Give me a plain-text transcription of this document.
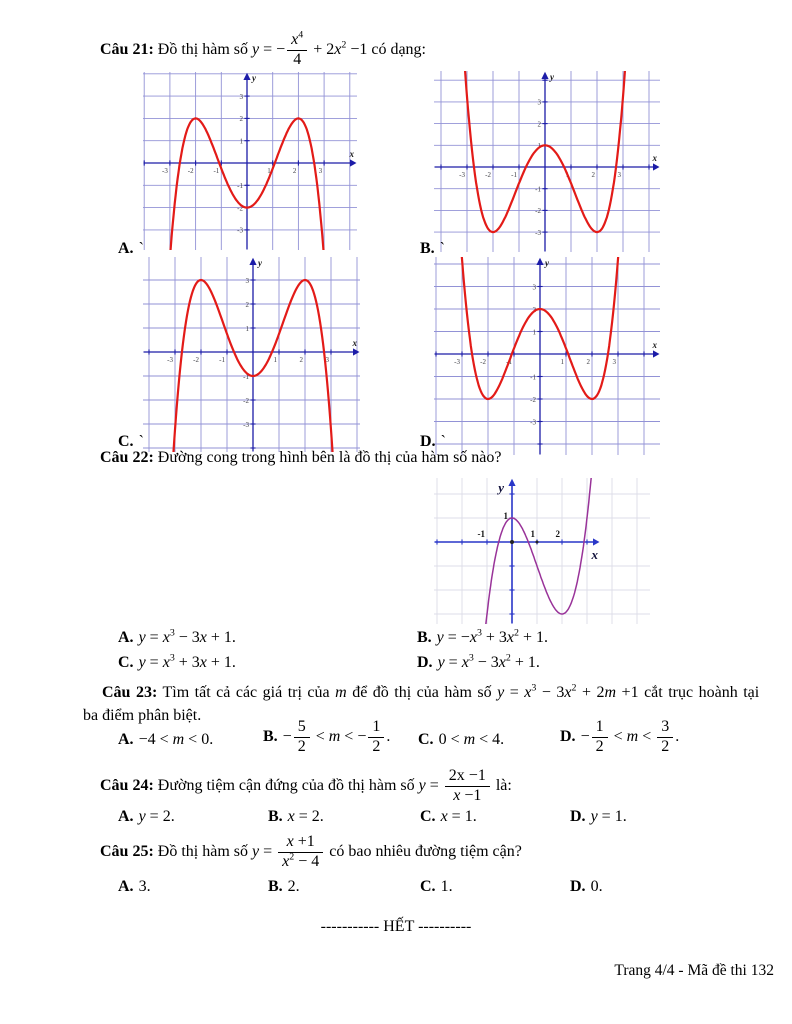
Câu 21: Đồ thị hàm số y = − $\frac{x^4}{4} + 2x^2 -1$ có dạng:
-3	-2	-1	1	2	3
3
2
1
-1
-2
-3
x
y
-3	-2	-1	1	2	3
3
2
1
-1
-2
-3
x
y
-3	-2	-1	1	2	3
3
2
1
-1
-2
-3
x
y
-3	-2	-1	1	2	3
3
2
1
-1
-2
-3
x
y
A. `	B. `
C. `	D. `
Câu 22: Đường cong trong hình bên là đồ thị của hàm số nào?
-1	1 2
1
y
x
A. $y = x^3 - 3x + 1$.	B. $y = -x^3 + 3x^2 + 1$.
C. $y = x^3 + 3x + 1$.	D. $y = x^3 - 3x^2 + 1$.
Câu 23: Tìm tất cả các giá trị của m để đồ thị của hàm số $y = x^3 - 3x^2 + 2m +1$ cắt trục hoành tại
ba điểm phân biệt.
A. −4 < m < 0.	B. − $\frac{5}{2} < m$ < − $\frac{1}{2}$ . C. 0 < m < 4.	D. − $\frac{1}{2} < m < \frac{3}{2}$ .
Câu 24: Đường tiệm cận đứng của đồ thị hàm số $y = \frac{2x -1}{x -1}$ là:
A. y = 2.	B. x = 2.	C. x = 1.	D. y = 1.
Câu 25: Đồ thị hàm số $y = \frac{x +1}{x^2 - 4}$ có bao nhiêu đường tiệm cận?
A. 3.	B. 2.	C. 1.	D. 0.
----------- HẾT ----------
Trang 4/4 - Mã đề thi 132
